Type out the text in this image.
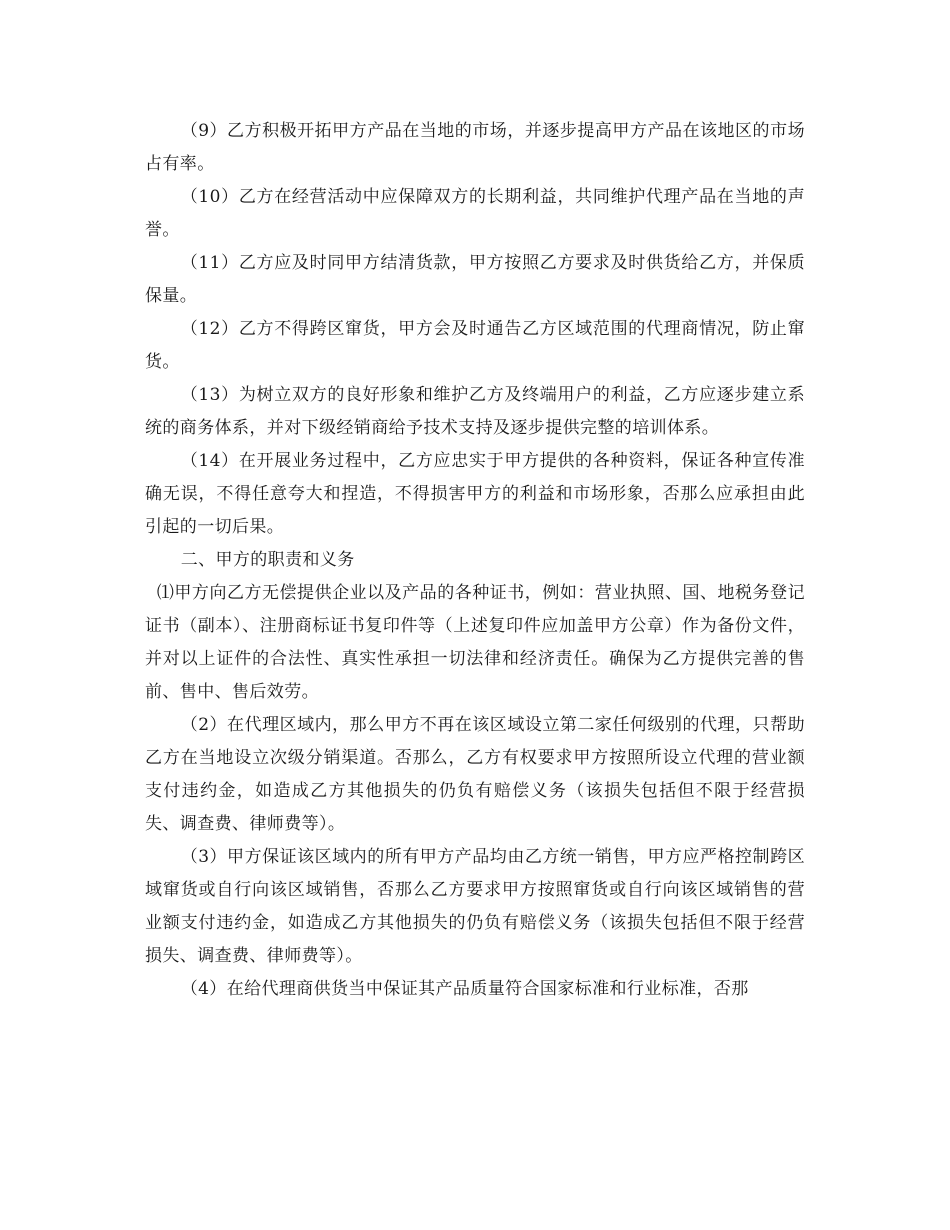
（9）乙方积极开拓甲方产品在当地的市场，并逐步提高甲方产品在该地区的市场占有率。

（10）乙方在经营活动中应保障双方的长期利益，共同维护代理产品在当地的声誉。

（11）乙方应及时同甲方结清货款，甲方按照乙方要求及时供货给乙方，并保质保量。

（12）乙方不得跨区窜货，甲方会及时通告乙方区域范围的代理商情况，防止窜货。

（13）为树立双方的良好形象和维护乙方及终端用户的利益，乙方应逐步建立系统的商务体系，并对下级经销商给予技术支持及逐步提供完整的培训体系。

（14）在开展业务过程中，乙方应忠实于甲方提供的各种资料，保证各种宣传准确无误，不得任意夸大和捏造，不得损害甲方的利益和市场形象，否那么应承担由此引起的一切后果。

二、甲方的职责和义务

⑴甲方向乙方无偿提供企业以及产品的各种证书，例如：营业执照、国、地税务登记证书（副本）、注册商标证书复印件等（上述复印件应加盖甲方公章）作为备份文件，并对以上证件的合法性、真实性承担一切法律和经济责任。确保为乙方提供完善的售前、售中、售后效劳。

（2）在代理区域内，那么甲方不再在该区域设立第二家任何级别的代理，只帮助乙方在当地设立次级分销渠道。否那么，乙方有权要求甲方按照所设立代理的营业额支付违约金，如造成乙方其他损失的仍负有赔偿义务（该损失包括但不限于经营损失、调查费、律师费等）。

（3）甲方保证该区域内的所有甲方产品均由乙方统一销售，甲方应严格控制跨区域窜货或自行向该区域销售，否那么乙方要求甲方按照窜货或自行向该区域销售的营业额支付违约金，如造成乙方其他损失的仍负有赔偿义务（该损失包括但不限于经营损失、调查费、律师费等）。

（4）在给代理商供货当中保证其产品质量符合国家标准和行业标准，否那
